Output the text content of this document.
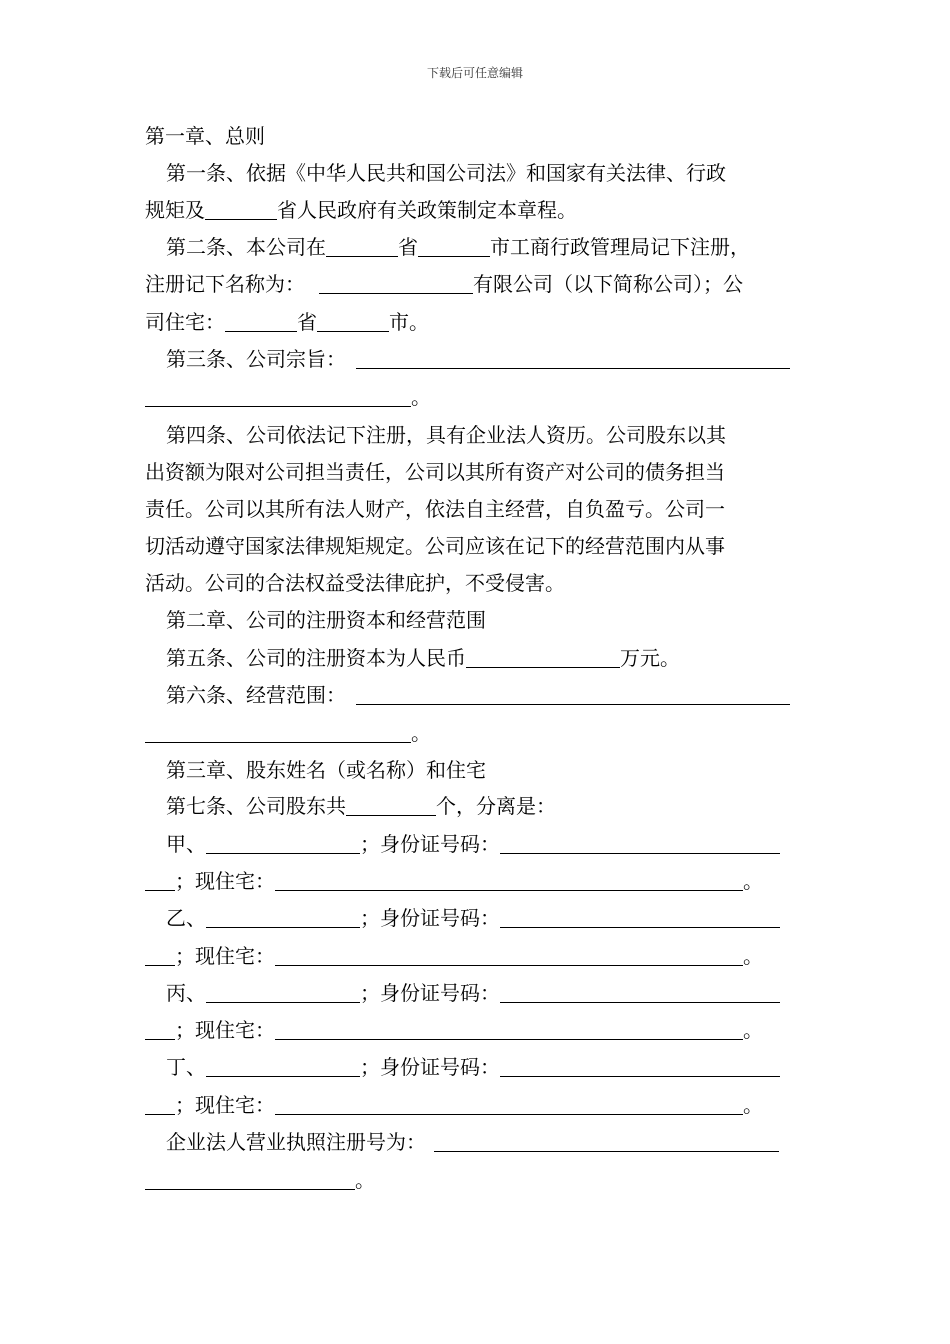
下载后可任意编辑
第一章、总则
第一条、依据《中华人民共和国公司法》和国家有关法律、行政
规矩及	省人民政府有关政策制定本章程。
第二条、本公司在	省	市工商行政管理局记下注册，
注册记下名称为：	有限公司（以下简称公司）；公
司住宅：	省	市。
第三条、公司宗旨：
。
第四条、公司依法记下注册，具有企业法人资历。公司股东以其
出资额为限对公司担当责任，公司以其所有资产对公司的债务担当
责任。公司以其所有法人财产，依法自主经营，自负盈亏。公司一
切活动遵守国家法律规矩规定。公司应该在记下的经营范围内从事
活动。公司的合法权益受法律庇护，不受侵害。
第二章、公司的注册资本和经营范围
第五条、公司的注册资本为人民币	万元。
第六条、经营范围：
。
第三章、股东姓名（或名称）和住宅
第七条、公司股东共	个，分离是：
甲、	；身份证号码：
；现住宅：	。
乙、	；身份证号码：
；现住宅：	。
丙、	；身份证号码：
；现住宅：	。
丁、	；身份证号码：
；现住宅：	。
企业法人营业执照注册号为：
。
